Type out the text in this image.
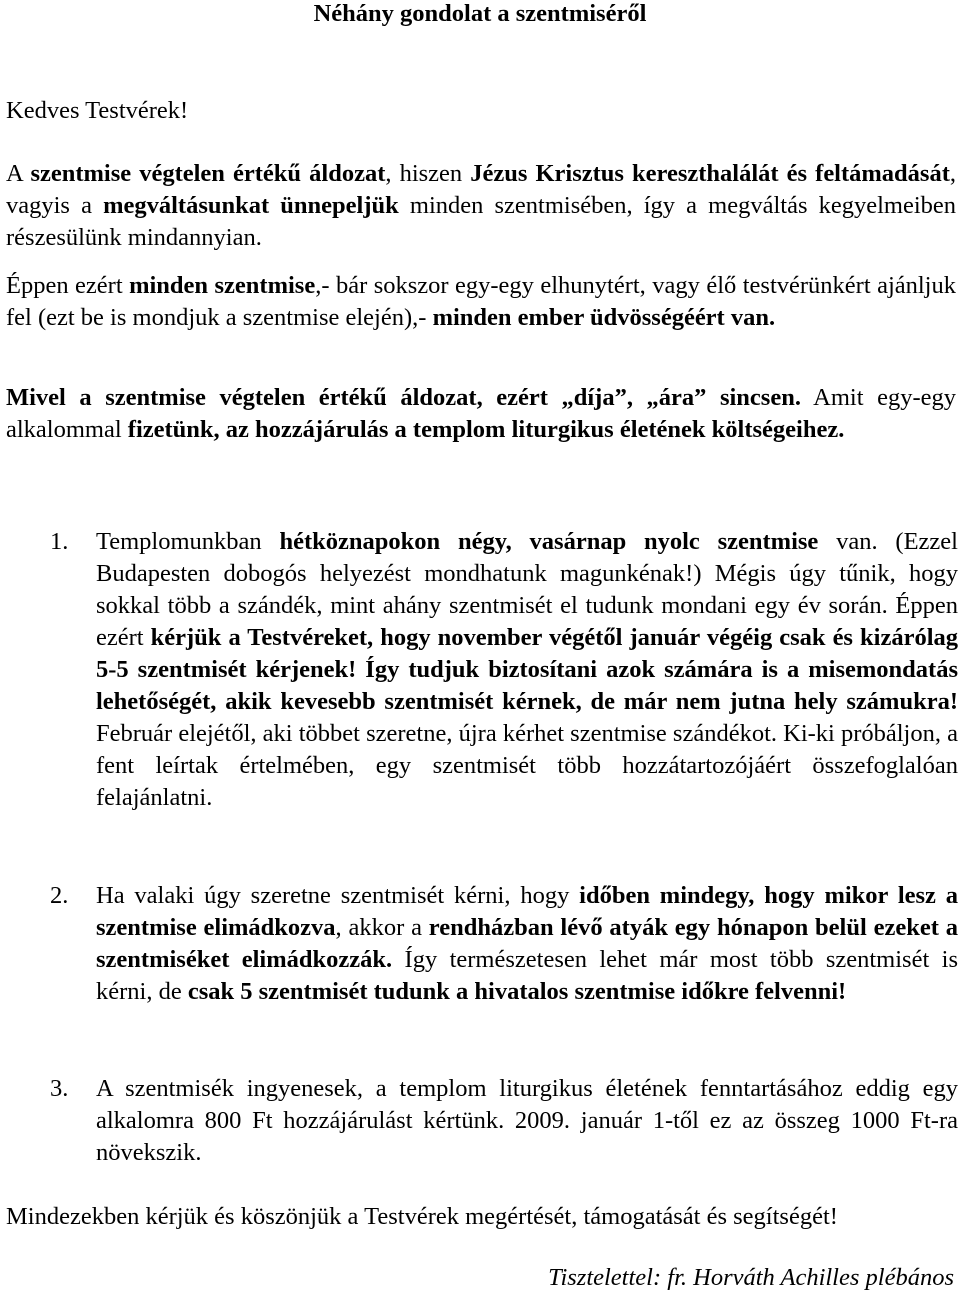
Néhány gondolat a szentmiséről
Kedves Testvérek!
A szentmise végtelen értékű áldozat, hiszen Jézus Krisztus kereszthalálát és feltámadását, vagyis a megváltásunkat ünnepeljük minden szentmisében, így a megváltás kegyelmeiben részesülünk mindannyian.
Éppen ezért minden szentmise,- bár sokszor egy-egy elhunytért, vagy élő testvérünkért ajánljuk fel (ezt be is mondjuk a szentmise elején),- minden ember üdvösségéért van.
Mivel a szentmise végtelen értékű áldozat, ezért „díja”, „ára” sincsen. Amit egy-egy alkalommal fizetünk, az hozzájárulás a templom liturgikus életének költségeihez.
1. Templomunkban hétköznapokon négy, vasárnap nyolc szentmise van. (Ezzel Budapesten dobogós helyezést mondhatunk magunkénak!) Mégis úgy tűnik, hogy sokkal több a szándék, mint ahány szentmisét el tudunk mondani egy év során. Éppen ezért kérjük a Testvéreket, hogy november végétől január végéig csak és kizárólag 5-5 szentmisét kérjenek! Így tudjuk biztosítani azok számára is a misemondatás lehetőségét, akik kevesebb szentmisét kérnek, de már nem jutna hely számukra! Február elejétől, aki többet szeretne, újra kérhet szentmise szándékot. Ki-ki próbáljon, a fent leírtak értelmében, egy szentmisét több hozzátartozójáért összefoglalóan felajánlatni.
2. Ha valaki úgy szeretne szentmisét kérni, hogy időben mindegy, hogy mikor lesz a szentmise elimádkozva, akkor a rendházban lévő atyák egy hónapon belül ezeket a szentmiséket elimádkozzák. Így természetesen lehet már most több szentmisét is kérni, de csak 5 szentmisét tudunk a hivatalos szentmise időkre felvenni!
3. A szentmisék ingyenesek, a templom liturgikus életének fenntartásához eddig egy alkalomra 800 Ft hozzájárulást kértünk. 2009. január 1-től ez az összeg 1000 Ft-ra növekszik.
Mindezekben kérjük és köszönjük a Testvérek megértését, támogatását és segítségét!
Tisztelettel: fr. Horváth Achilles plébános
